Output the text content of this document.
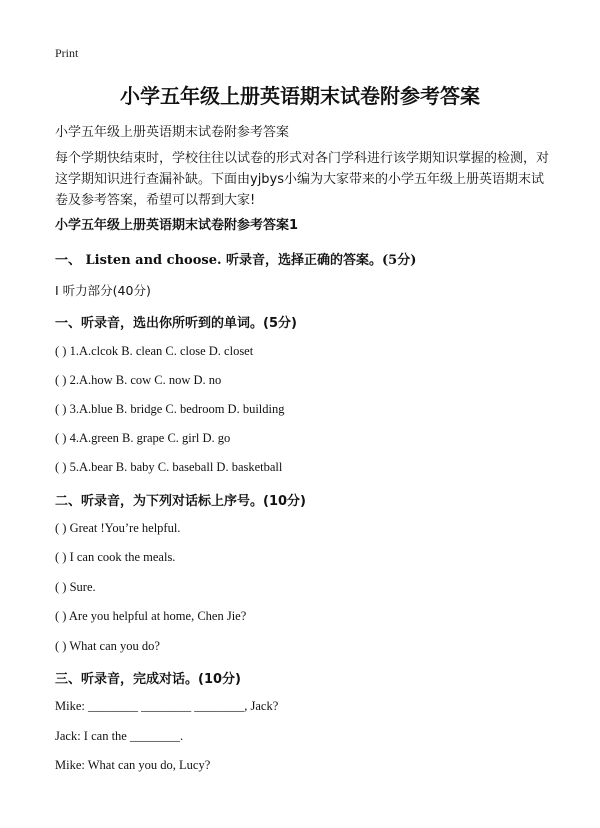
Print
小学五年级上册英语期末试卷附参考答案
小学五年级上册英语期末试卷附参考答案
每个学期快结束时，学校往往以试卷的形式对各门学科进行该学期知识掌握的检测，对这学期知识进行查漏补缺。下面由yjbys小编为大家带来的小学五年级上册英语期末试卷及参考答案，希望可以帮到大家!
小学五年级上册英语期末试卷附参考答案1
一、 Listen and choose. 听录音，选择正确的答案。(5分)
I 听力部分(40分)
一、听录音，选出你所听到的单词。(5分)
( ) 1.A.clcok B. clean C. close D. closet
( ) 2.A.how B. cow C. now D. no
( ) 3.A.blue B. bridge C. bedroom D. building
( ) 4.A.green B. grape C. girl D. go
( ) 5.A.bear B. baby C. baseball D. basketball
二、听录音，为下列对话标上序号。(10分)
( ) Great !You’re helpful.
( ) I can cook the meals.
( ) Sure.
( ) Are you helpful at home, Chen Jie?
( ) What can you do?
三、听录音，完成对话。(10分)
Mike: ________ ________ ________, Jack?
Jack: I can the ________.
Mike: What can you do, Lucy?
